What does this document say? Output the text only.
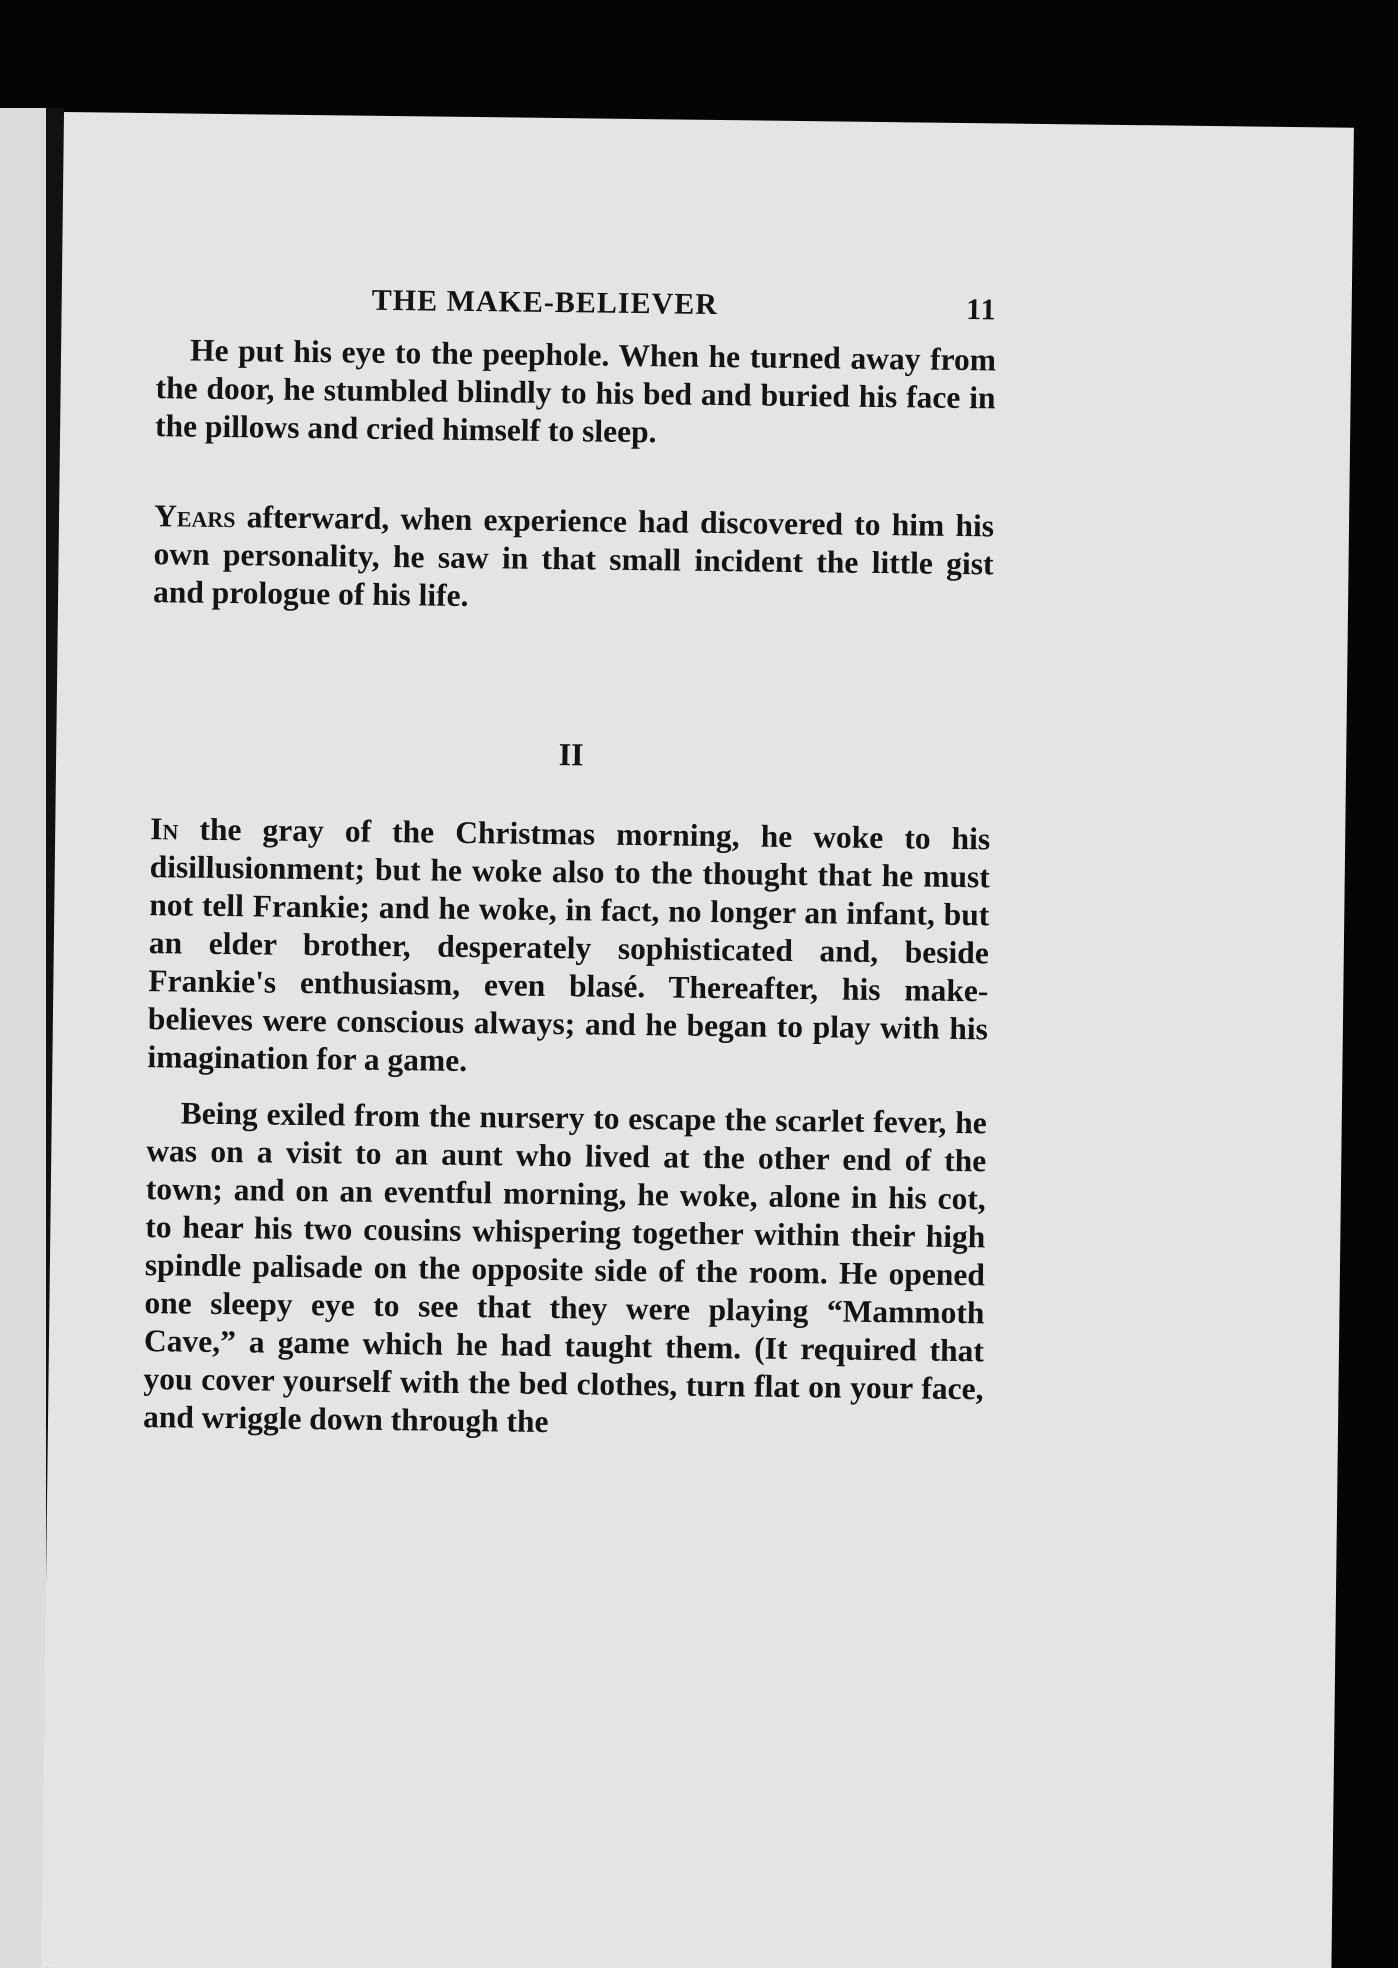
THE MAKE-BELIEVER	11

He put his eye to the peephole. When he turned away from the door, he stumbled blindly to his bed and buried his face in the pillows and cried himself to sleep.

Years afterward, when experience had discovered to him his own personality, he saw in that small incident the little gist and prologue of his life.

II

In the gray of the Christmas morning, he woke to his disillusionment; but he woke also to the thought that he must not tell Frankie; and he woke, in fact, no longer an infant, but an elder brother, desperately sophisticated and, beside Frankie's enthusiasm, even blasé. Thereafter, his make-believes were conscious always; and he began to play with his imagination for a game.

Being exiled from the nursery to escape the scarlet fever, he was on a visit to an aunt who lived at the other end of the town; and on an eventful morning, he woke, alone in his cot, to hear his two cousins whispering together within their high spindle palisade on the opposite side of the room. He opened one sleepy eye to see that they were playing “Mammoth Cave,” a game which he had taught them. (It required that you cover yourself with the bed clothes, turn flat on your face, and wriggle down through the
